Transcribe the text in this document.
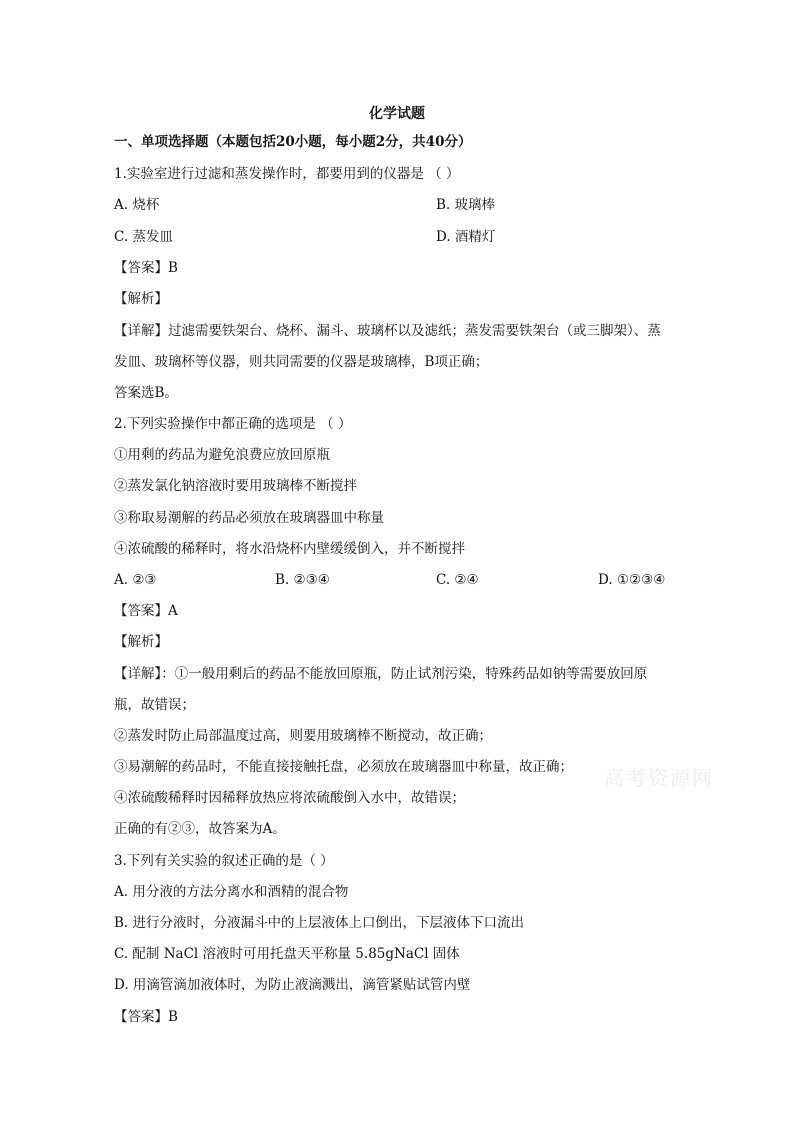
化学试题
一、单项选择题（本题包括20小题，每小题2分，共40分）
1.实验室进行过滤和蒸发操作时，都要用到的仪器是 （ ）
A. 烧杯	B. 玻璃棒
C. 蒸发皿	D. 酒精灯
【答案】B
【解析】
【详解】过滤需要铁架台、烧杯、漏斗、玻璃杯以及滤纸；蒸发需要铁架台（或三脚架）、蒸
发皿、玻璃杯等仪器，则共同需要的仪器是玻璃棒，B项正确；
答案选B。
2.下列实验操作中都正确的选项是 （ ）
①用剩的药品为避免浪费应放回原瓶
②蒸发氯化钠溶液时要用玻璃棒不断搅拌
③称取易潮解的药品必须放在玻璃器皿中称量
④浓硫酸的稀释时，将水沿烧杯内壁缓缓倒入，并不断搅拌
A. ②③	B. ②③④	C. ②④	D. ①②③④
【答案】A
【解析】
【详解】：①一般用剩后的药品不能放回原瓶，防止试剂污染，特殊药品如钠等需要放回原
瓶，故错误；
②蒸发时防止局部温度过高，则要用玻璃棒不断搅动，故正确；
③易潮解的药品时，不能直接接触托盘，必须放在玻璃器皿中称量，故正确；
④浓硫酸稀释时因稀释放热应将浓硫酸倒入水中，故错误；
正确的有②③，故答案为A。
3.下列有关实验的叙述正确的是（ ）
A. 用分液的方法分离水和酒精的混合物
B. 进行分液时，分液漏斗中的上层液体上口倒出，下层液体下口流出
C. 配制 NaCl 溶液时可用托盘天平称量 5.85gNaCl 固体
D. 用滴管滴加液体时，为防止液滴溅出，滴管紧贴试管内壁
【答案】B
高考资源网
